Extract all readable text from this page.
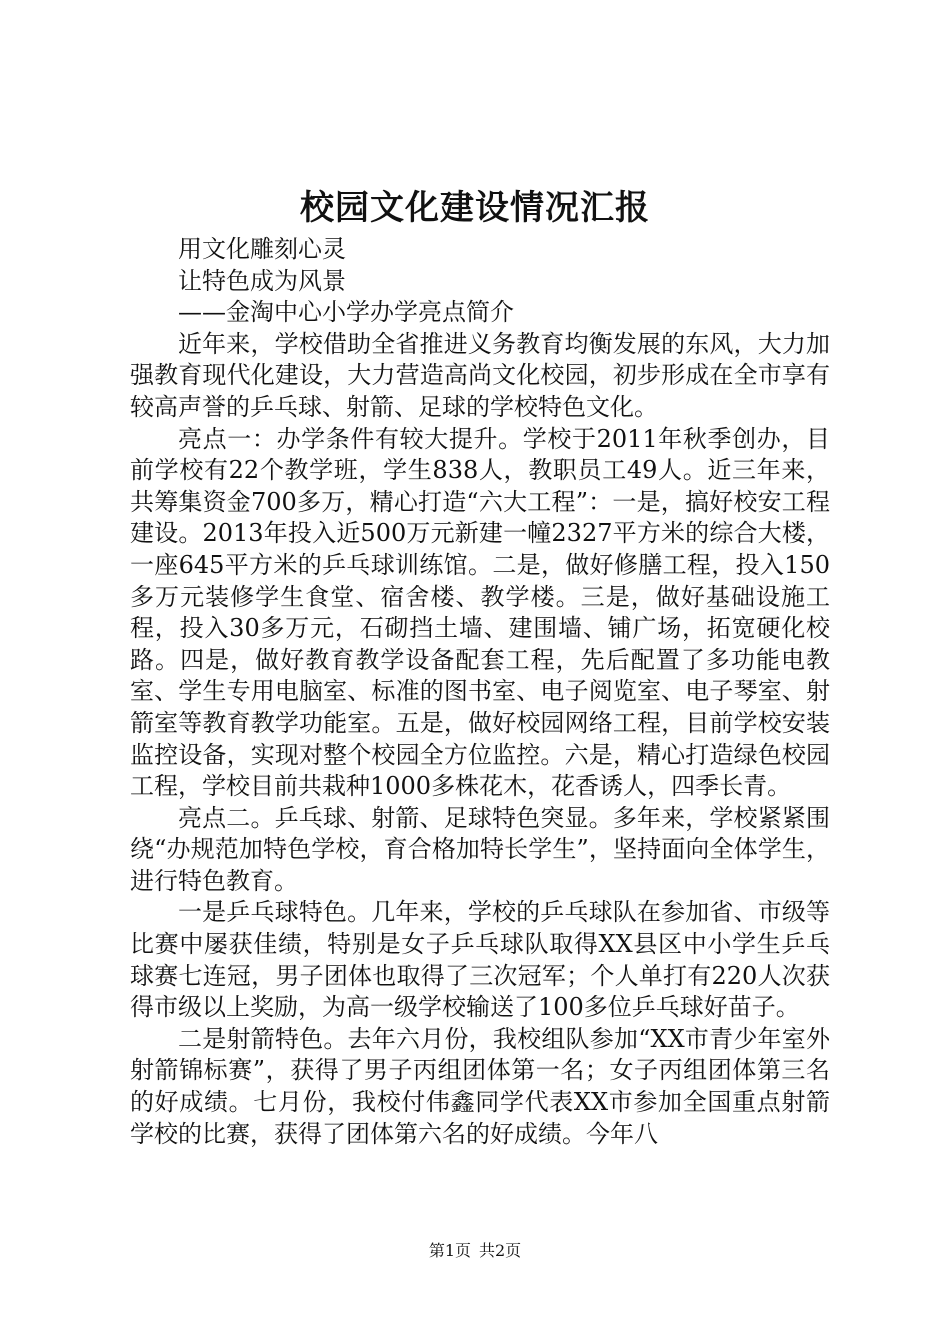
校园文化建设情况汇报

用文化雕刻心灵

让特色成为风景

——金淘中心小学办学亮点简介

近年来，学校借助全省推进义务教育均衡发展的东风，大力加强教育现代化建设，大力营造高尚文化校园，初步形成在全市享有较高声誉的乒乓球、射箭、足球的学校特色文化。

亮点一：办学条件有较大提升。学校于2011年秋季创办，目前学校有22个教学班，学生838人，教职员工49人。近三年来，共筹集资金700多万，精心打造“六大工程”：一是，搞好校安工程建设。2013年投入近500万元新建一幢2327平方米的综合大楼，一座645平方米的乒乓球训练馆。二是，做好修膳工程，投入150多万元装修学生食堂、宿舍楼、教学楼。三是，做好基础设施工程，投入30多万元，石砌挡土墙、建围墙、铺广场，拓宽硬化校路。四是，做好教育教学设备配套工程，先后配置了多功能电教室、学生专用电脑室、标准的图书室、电子阅览室、电子琴室、射箭室等教育教学功能室。五是，做好校园网络工程，目前学校安装监控设备，实现对整个校园全方位监控。六是，精心打造绿色校园工程，学校目前共栽种1000多株花木，花香诱人，四季长青。

亮点二。乒乓球、射箭、足球特色突显。多年来，学校紧紧围绕“办规范加特色学校，育合格加特长学生”，坚持面向全体学生，进行特色教育。

一是乒乓球特色。几年来，学校的乒乓球队在参加省、市级等比赛中屡获佳绩，特别是女子乒乓球队取得XX县区中小学生乒乓球赛七连冠，男子团体也取得了三次冠军；个人单打有220人次获得市级以上奖励，为高一级学校输送了100多位乒乓球好苗子。

二是射箭特色。去年六月份，我校组队参加“XX市青少年室外射箭锦标赛”，获得了男子丙组团体第一名；女子丙组团体第三名的好成绩。七月份，我校付伟鑫同学代表XX市参加全国重点射箭学校的比赛，获得了团体第六名的好成绩。今年八

第1页 共2页
